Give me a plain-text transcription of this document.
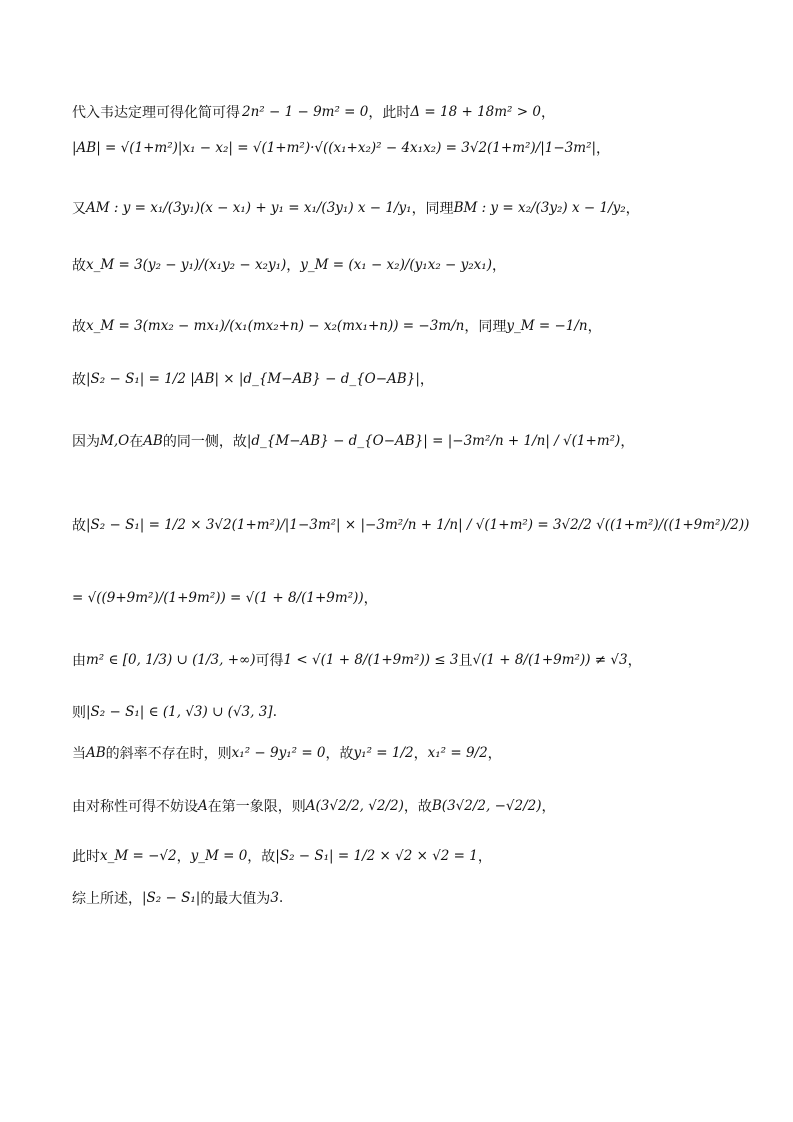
代入韦达定理可得化简可得 2n² − 1 − 9m² = 0 ，此时 Δ = 18 + 18m² > 0 ，
|AB| = √(1+m²)|x₁ − x₂| = √(1+m²)·√((x₁+x₂)² − 4x₁x₂) = 3√2(1+m²)/|1−3m²| ，
又 AM : y = x₁/(3y₁)(x − x₁) + y₁ = x₁/(3y₁) x − 1/y₁ ，同理 BM : y = x₂/(3y₂) x − 1/y₂ ，
故 x_M = 3(y₂ − y₁)/(x₁y₂ − x₂y₁) ， y_M = (x₁ − x₂)/(y₁x₂ − y₂x₁) ，
故 x_M = 3(mx₂ − mx₁)/(x₁(mx₂+n) − x₂(mx₁+n)) = −3m/n ，同理 y_M = −1/n ，
故 |S₂ − S₁| = 1/2 |AB| × |d_{M−AB} − d_{O−AB}| ，
因为 M,O 在 AB 的同一侧，故 |d_{M−AB} − d_{O−AB}| = |−3m²/n + 1/n| / √(1+m²) ，
故 |S₂ − S₁| = 1/2 × 3√2(1+m²)/|1−3m²| × |−3m²/n + 1/n| / √(1+m²) = 3√2/2 √((1+m²)/((1+9m²)/2))
= √((9+9m²)/(1+9m²)) = √(1 + 8/(1+9m²)) ，
由 m² ∈ [0, 1/3) ∪ (1/3, +∞) 可得 1 < √(1 + 8/(1+9m²)) ≤ 3 且 √(1 + 8/(1+9m²)) ≠ √3 ，
则 |S₂ − S₁| ∈ (1, √3) ∪ (√3, 3] .
当 AB 的斜率不存在时，则 x₁² − 9y₁² = 0 ，故 y₁² = 1/2 ， x₁² = 9/2 ，
由对称性可得不妨设 A 在第一象限，则 A(3√2/2, √2/2) ，故 B(3√2/2, −√2/2) ，
此时 x_M = −√2 ， y_M = 0 ，故 |S₂ − S₁| = 1/2 × √2 × √2 = 1 ，
综上所述， |S₂ − S₁| 的最大值为 3 .
